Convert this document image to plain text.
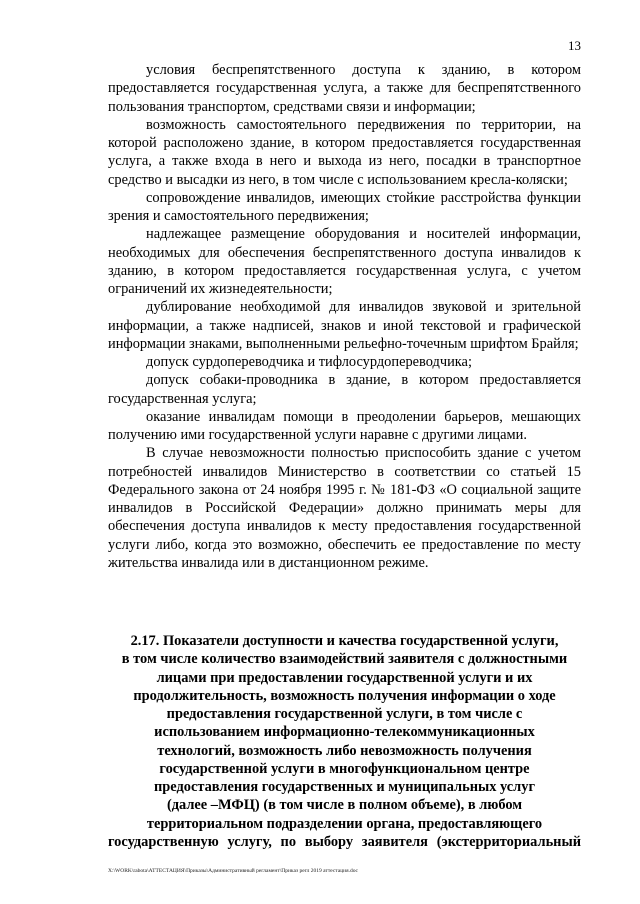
13

условия беспрепятственного доступа к зданию, в котором предоставляется государственная услуга, а также для беспрепятственного пользования транспортом, средствами связи и информации;

возможность самостоятельного передвижения по территории, на которой расположено здание, в котором предоставляется государственная услуга, а также входа в него и выхода из него, посадки в транспортное средство и высадки из него, в том числе с использованием кресла-коляски;

сопровождение инвалидов, имеющих стойкие расстройства функции зрения и самостоятельного передвижения;

надлежащее размещение оборудования и носителей информации, необходимых для обеспечения беспрепятственного доступа инвалидов к зданию, в котором предоставляется государственная услуга, с учетом ограничений их жизнедеятельности;

дублирование необходимой для инвалидов звуковой и зрительной информации, а также надписей, знаков и иной текстовой и графической информации знаками, выполненными рельефно-точечным шрифтом Брайля;

допуск сурдопереводчика и тифлосурдопереводчика;

допуск собаки-проводника в здание, в котором предоставляется государственная услуга;

оказание инвалидам помощи в преодолении барьеров, мешающих получению ими государственной услуги наравне с другими лицами.

В случае невозможности полностью приспособить здание с учетом потребностей инвалидов Министерство в соответствии со статьей 15 Федерального закона от 24 ноября 1995 г. № 181-ФЗ «О социальной защите инвалидов в Российской Федерации» должно принимать меры для обеспечения доступа инвалидов к месту предоставления государственной услуги либо, когда это возможно, обеспечить ее предоставление по месту жительства инвалида или в дистанционном режиме.

2.17. Показатели доступности и качества государственной услуги,
в том числе количество взаимодействий заявителя с должностными
лицами при предоставлении государственной услуги и их
продолжительность, возможность получения информации о ходе
предоставления государственной услуги, в том числе с
использованием информационно-телекоммуникационных
технологий, возможность либо невозможность получения
государственной услуги в многофункциональном центре
предоставления государственных и муниципальных услуг
(далее –МФЦ) (в том числе в полном объеме), в любом
территориальном подразделении органа, предоставляющего
государственную услугу, по выбору заявителя (экстерриториальный
X:\WORK\rabota\АТТЕСТАЦИЯ\Приказы\Административный регламент\Приказ регл 2019 аттестация.doc
